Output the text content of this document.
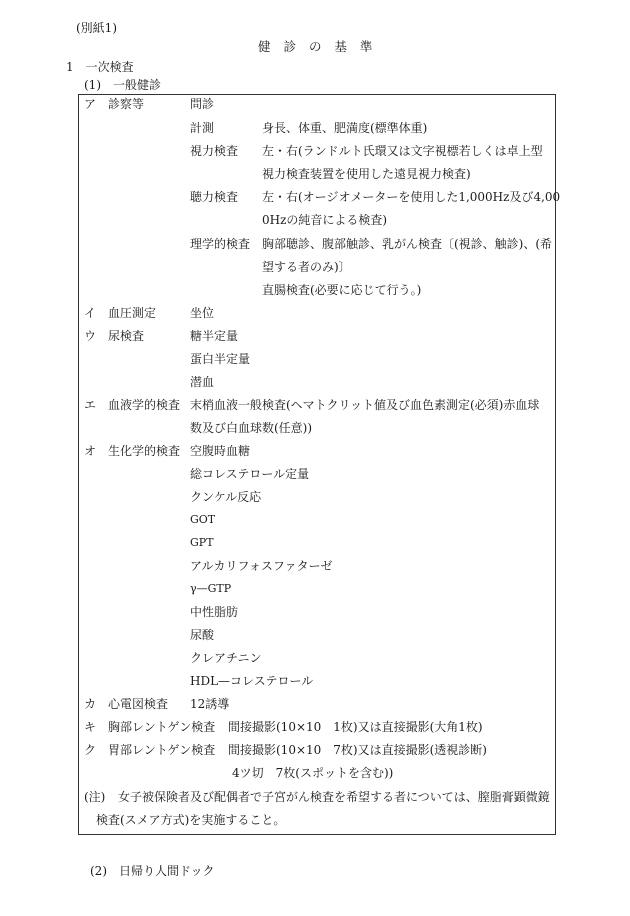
(別紙1)
健 診 の 基 準
1　一次検査
(1)　一般健診
ア　診察等	問診
計測	身長、体重、肥満度(標準体重)
視力検査 左・右(ランドルト氏環又は文字視標若しくは卓上型
視力検査装置を使用した遠見視力検査)
聴力検査 左・右(オージオメーターを使用した1,000Hz及び4,00
0Hzの純音による検査)
理学的検査 胸部聴診、腹部触診、乳がん検査〔(視診、触診)、(希
望する者のみ)〕
直腸検査(必要に応じて行う。)
イ　血圧測定	坐位
ウ　尿検査	糖半定量
蛋白半定量
潜血
エ　血液学的検査 末梢血液一般検査(ヘマトクリット値及び血色素測定(必須)赤血球
数及び白血球数(任意))
オ　生化学的検査 空腹時血糖
総コレステロール定量
クンケル反応
GOT
GPT
アルカリフォスファターゼ
γ—GTP
中性脂肪
尿酸
クレアチニン
HDL—コレステロール
カ　心電図検査 12誘導
キ　胸部レントゲン検査 間接撮影(10×10　1枚)又は直接撮影(大角1枚)
ク　胃部レントゲン検査 間接撮影(10×10　7枚)又は直接撮影(透視診断)
4ツ切　7枚(スポットを含む))
(注) 女子被保険者及び配偶者で子宮がん検査を希望する者については、膣脂膏顕微鏡
検査(スメア方式)を実施すること。
(2)　日帰り人間ドック
